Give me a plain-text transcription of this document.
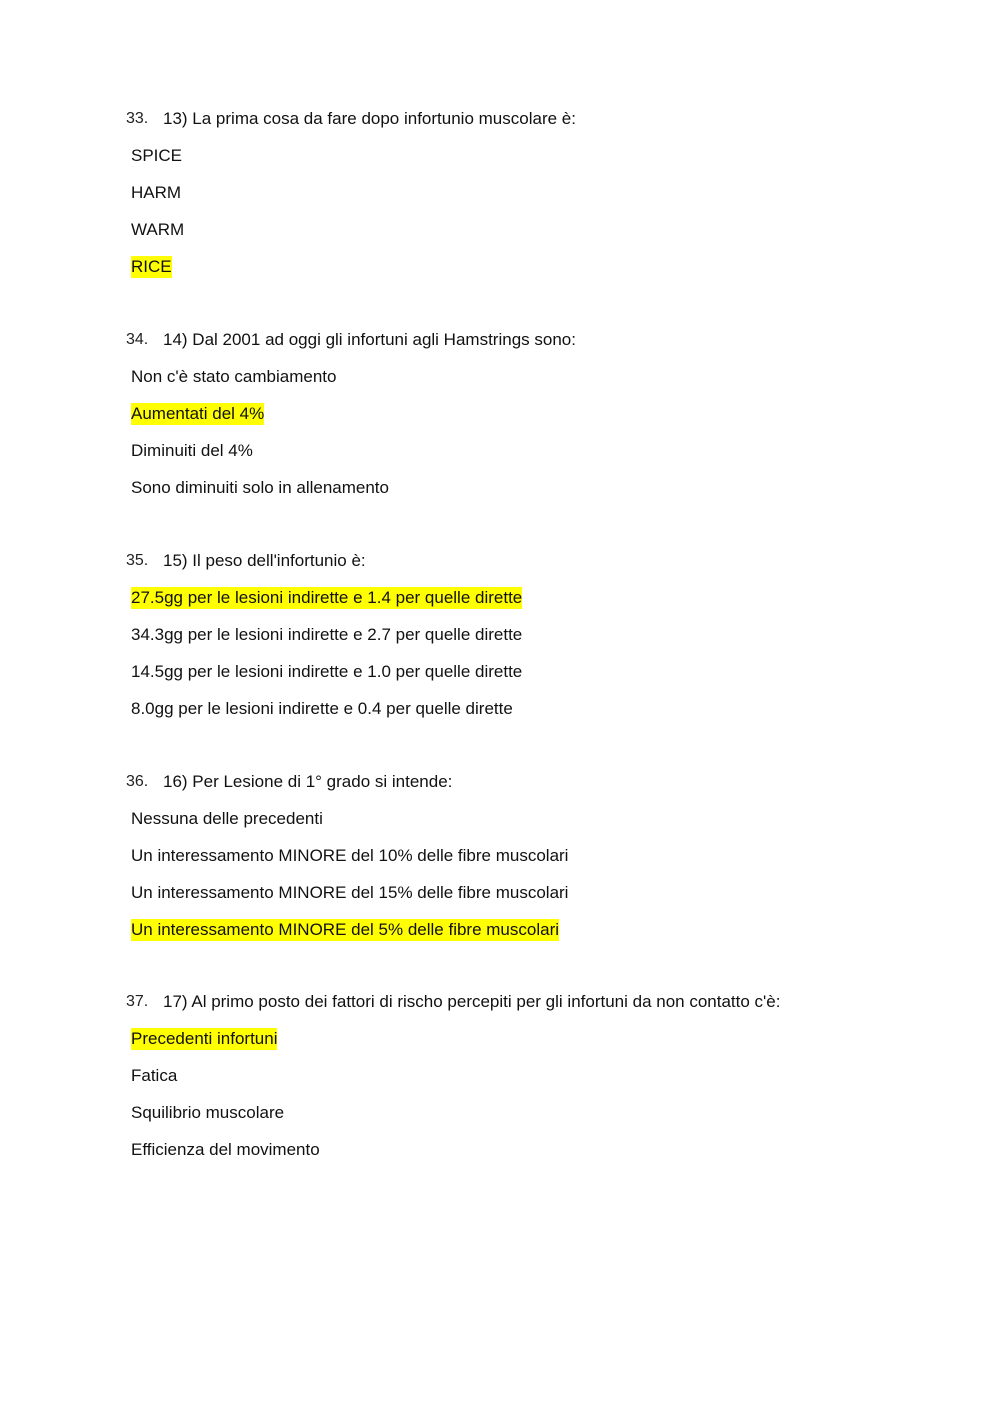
33. 13) La prima cosa da fare dopo infortunio muscolare è:
SPICE
HARM
WARM
RICE
34. 14) Dal 2001 ad oggi gli infortuni agli Hamstrings sono:
Non c'è stato cambiamento
Aumentati del 4%
Diminuiti del 4%
Sono diminuiti solo in allenamento
35. 15) Il peso dell'infortunio è:
27.5gg per le lesioni indirette e 1.4 per quelle dirette
34.3gg per le lesioni indirette e 2.7 per quelle dirette
14.5gg per le lesioni indirette e 1.0 per quelle dirette
8.0gg per le lesioni indirette e 0.4 per quelle dirette
36. 16) Per Lesione di 1° grado si intende:
Nessuna delle precedenti
Un interessamento MINORE del 10% delle fibre muscolari
Un interessamento MINORE del 15% delle fibre muscolari
Un interessamento MINORE del 5% delle fibre muscolari
37. 17) Al primo posto dei fattori di rischo percepiti per gli infortuni da non contatto c'è:
Precedenti infortuni
Fatica
Squilibrio muscolare
Efficienza del movimento
